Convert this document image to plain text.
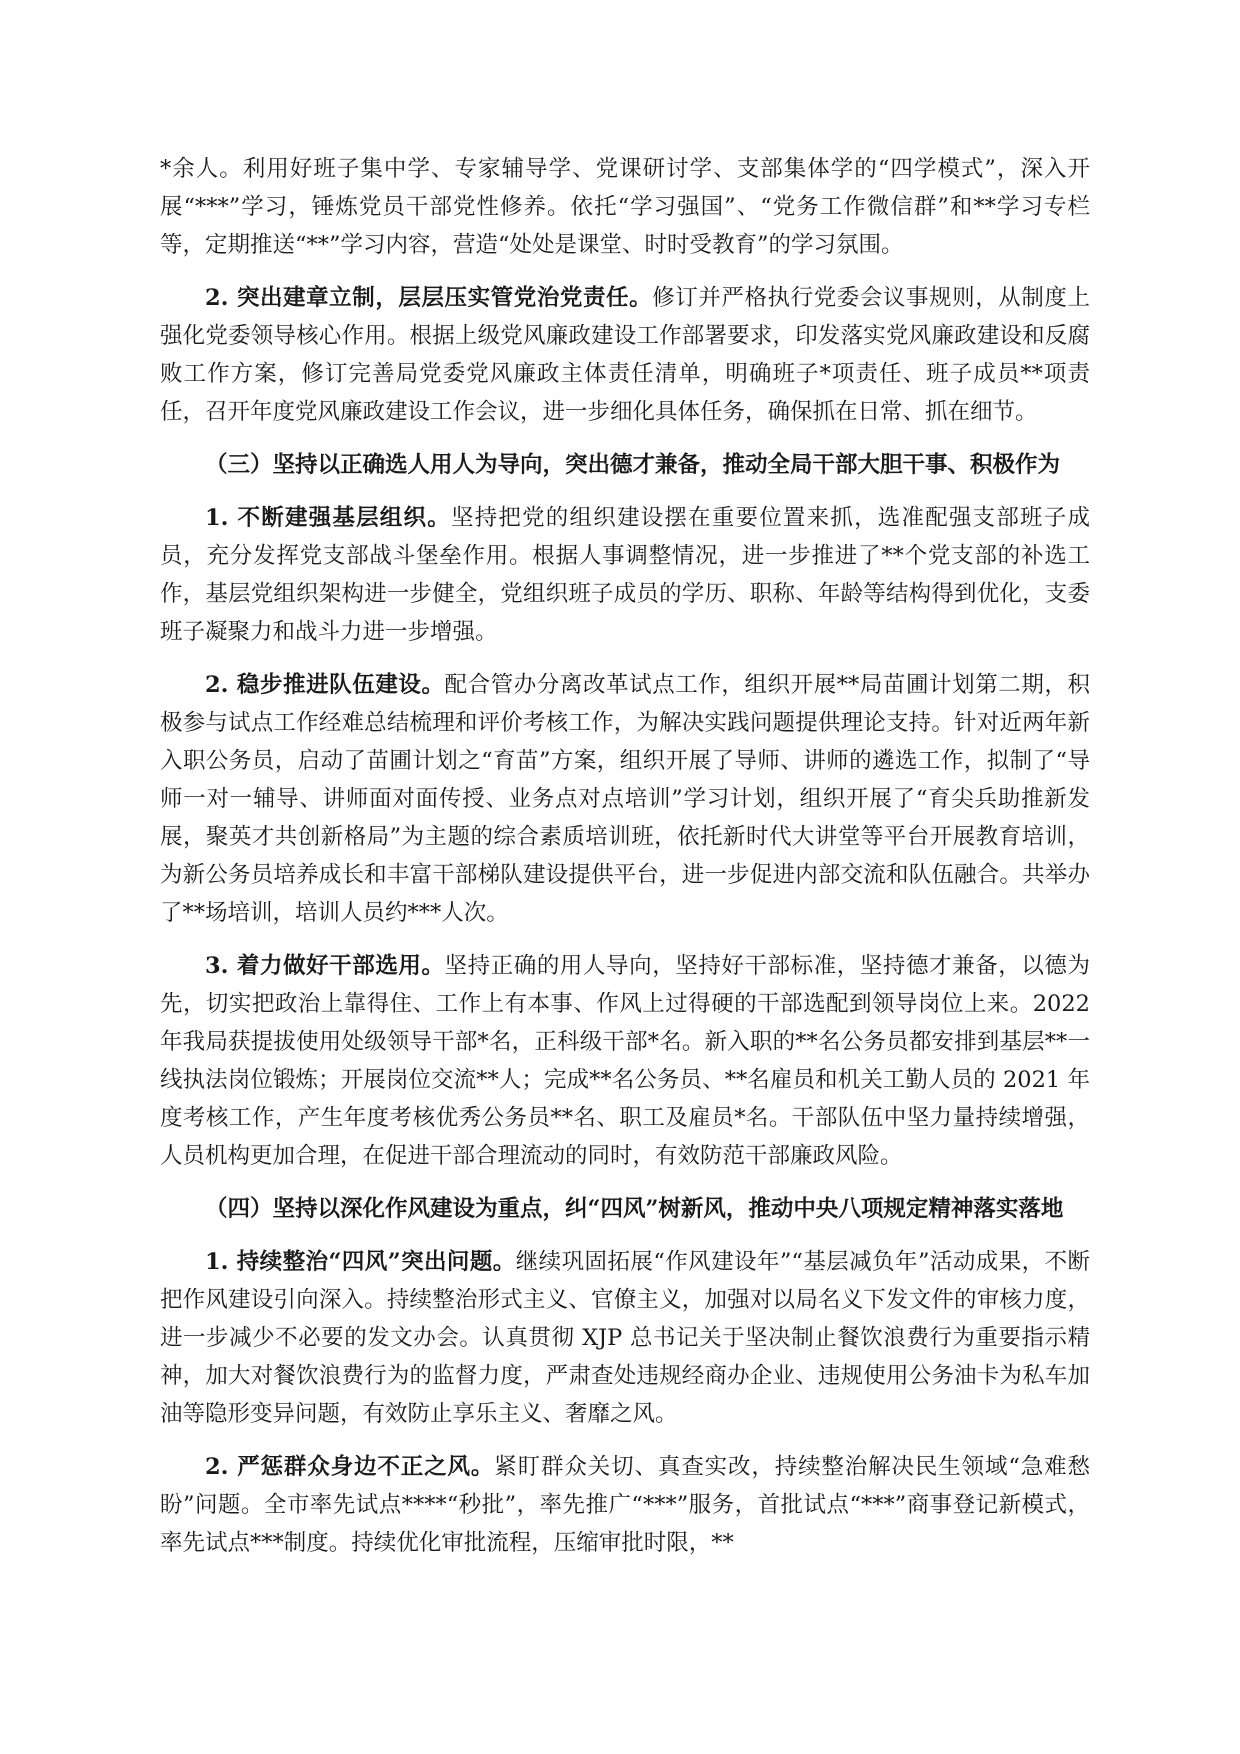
*余人。利用好班子集中学、专家辅导学、党课研讨学、支部集体学的“四学模式”，深入开展“***”学习，锤炼党员干部党性修养。依托“学习强国”、“党务工作微信群”和**学习专栏等，定期推送“**”学习内容，营造“处处是课堂、时时受教育”的学习氛围。

2. 突出建章立制，层层压实管党治党责任。修订并严格执行党委会议事规则，从制度上强化党委领导核心作用。根据上级党风廉政建设工作部署要求，印发落实党风廉政建设和反腐败工作方案，修订完善局党委党风廉政主体责任清单，明确班子*项责任、班子成员**项责任，召开年度党风廉政建设工作会议，进一步细化具体任务，确保抓在日常、抓在细节。

（三）坚持以正确选人用人为导向，突出德才兼备，推动全局干部大胆干事、积极作为

1. 不断建强基层组织。坚持把党的组织建设摆在重要位置来抓，选准配强支部班子成员，充分发挥党支部战斗堡垒作用。根据人事调整情况，进一步推进了**个党支部的补选工作，基层党组织架构进一步健全，党组织班子成员的学历、职称、年龄等结构得到优化，支委班子凝聚力和战斗力进一步增强。

2. 稳步推进队伍建设。配合管办分离改革试点工作，组织开展**局苗圃计划第二期，积极参与试点工作经难总结梳理和评价考核工作，为解决实践问题提供理论支持。针对近两年新入职公务员，启动了苗圃计划之“育苗”方案，组织开展了导师、讲师的遴选工作，拟制了“导师一对一辅导、讲师面对面传授、业务点对点培训”学习计划，组织开展了“育尖兵助推新发展，聚英才共创新格局”为主题的综合素质培训班，依托新时代大讲堂等平台开展教育培训，为新公务员培养成长和丰富干部梯队建设提供平台，进一步促进内部交流和队伍融合。共举办了**场培训，培训人员约***人次。

3. 着力做好干部选用。坚持正确的用人导向，坚持好干部标准，坚持德才兼备，以德为先，切实把政治上靠得住、工作上有本事、作风上过得硬的干部选配到领导岗位上来。2022 年我局获提拔使用处级领导干部*名，正科级干部*名。新入职的**名公务员都安排到基层**一线执法岗位锻炼；开展岗位交流**人；完成**名公务员、**名雇员和机关工勤人员的 2021 年度考核工作，产生年度考核优秀公务员**名、职工及雇员*名。干部队伍中坚力量持续增强，人员机构更加合理，在促进干部合理流动的同时，有效防范干部廉政风险。

（四）坚持以深化作风建设为重点，纠“四风”树新风，推动中央八项规定精神落实落地

1. 持续整治“四风”突出问题。继续巩固拓展“作风建设年”“基层减负年”活动成果，不断把作风建设引向深入。持续整治形式主义、官僚主义，加强对以局名义下发文件的审核力度，进一步减少不必要的发文办会。认真贯彻 XJP 总书记关于坚决制止餐饮浪费行为重要指示精神，加大对餐饮浪费行为的监督力度，严肃查处违规经商办企业、违规使用公务油卡为私车加油等隐形变异问题，有效防止享乐主义、奢靡之风。

2. 严惩群众身边不正之风。紧盯群众关切、真查实改，持续整治解决民生领域“急难愁盼”问题。全市率先试点****“秒批”，率先推广“***”服务，首批试点“***”商事登记新模式，率先试点***制度。持续优化审批流程，压缩审批时限，**
